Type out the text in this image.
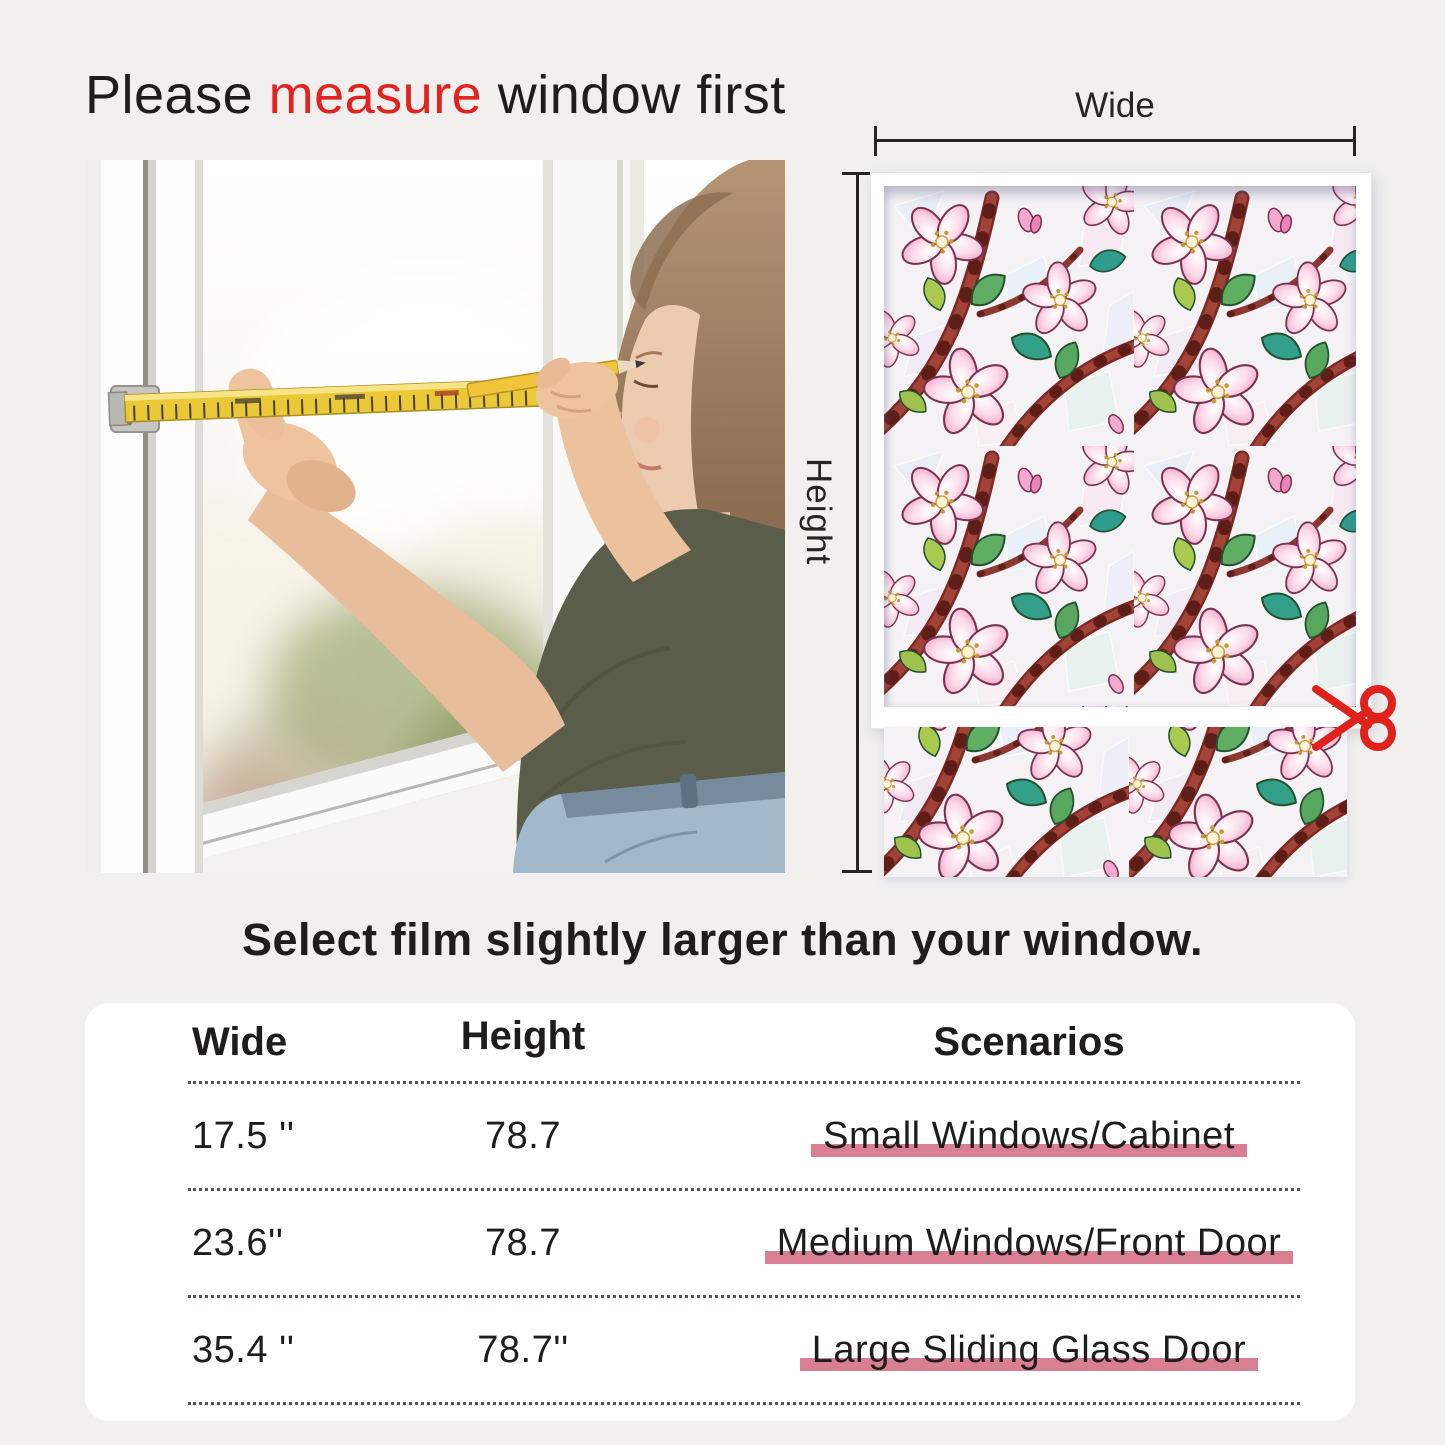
Please measure window first	Wide
Height
Select film slightly larger than your window.
Wide	Height	Scenarios
17.5 ''	78.7	Small Windows/Cabinet
23.6''	78.7	Medium Windows/Front Door
35.4 ''	78.7''	Large Sliding Glass Door
